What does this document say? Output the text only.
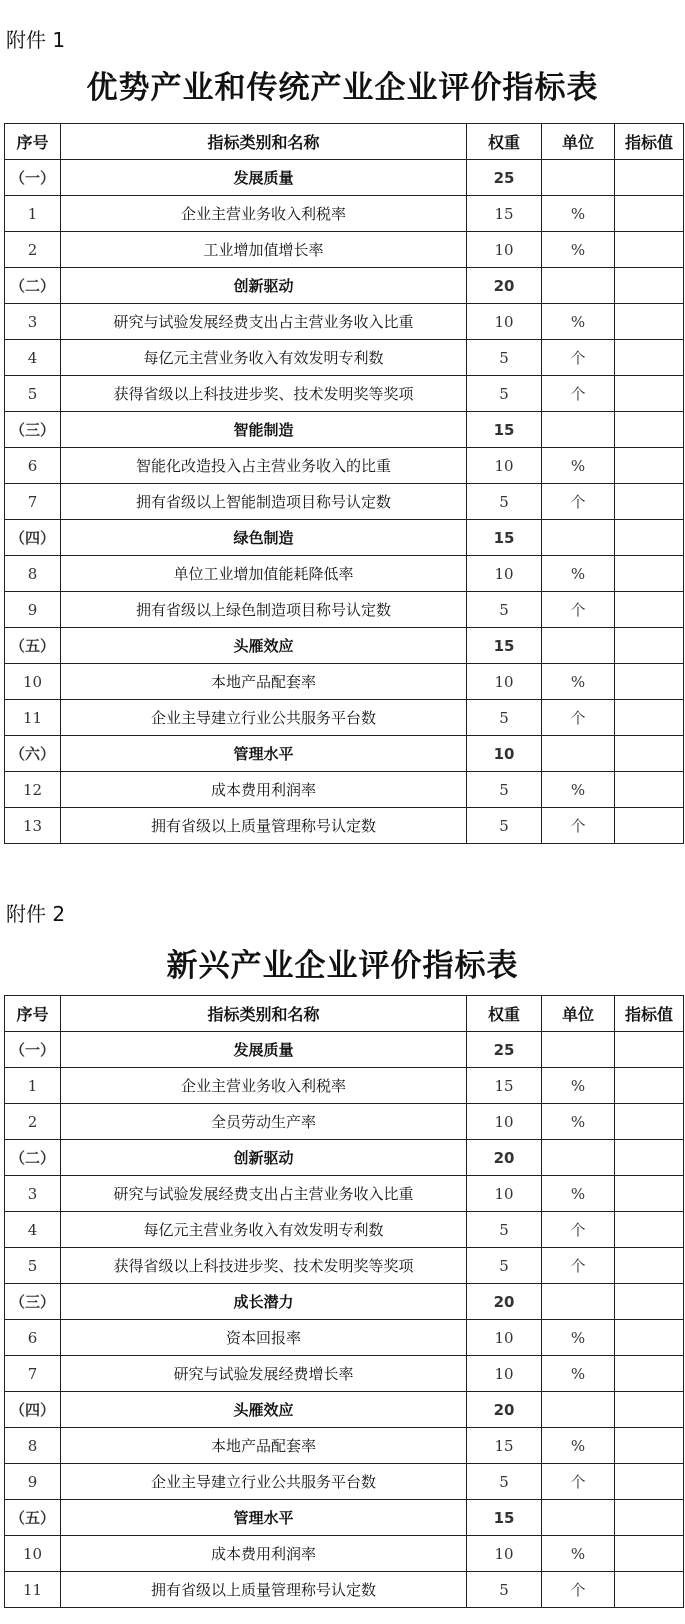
附件 1
优势产业和传统产业企业评价指标表
序号	指标类别和名称	权重	单位	指标值
（一）	发展质量	25		
1	企业主营业务收入利税率	15	%	
2	工业增加值增长率	10	%	
（二）	创新驱动	20		
3	研究与试验发展经费支出占主营业务收入比重	10	%	
4	每亿元主营业务收入有效发明专利数	5	个	
5	获得省级以上科技进步奖、技术发明奖等奖项	5	个	
（三）	智能制造	15		
6	智能化改造投入占主营业务收入的比重	10	%	
7	拥有省级以上智能制造项目称号认定数	5	个	
（四）	绿色制造	15		
8	单位工业增加值能耗降低率	10	%	
9	拥有省级以上绿色制造项目称号认定数	5	个	
（五）	头雁效应	15		
10	本地产品配套率	10	%	
11	企业主导建立行业公共服务平台数	5	个	
（六）	管理水平	10		
12	成本费用利润率	5	%	
13	拥有省级以上质量管理称号认定数	5	个	
附件 2
新兴产业企业评价指标表
序号	指标类别和名称	权重	单位	指标值
（一）	发展质量	25		
1	企业主营业务收入利税率	15	%	
2	全员劳动生产率	10	%	
（二）	创新驱动	20		
3	研究与试验发展经费支出占主营业务收入比重	10	%	
4	每亿元主营业务收入有效发明专利数	5	个	
5	获得省级以上科技进步奖、技术发明奖等奖项	5	个	
（三）	成长潜力	20		
6	资本回报率	10	%	
7	研究与试验发展经费增长率	10	%	
（四）	头雁效应	20		
8	本地产品配套率	15	%	
9	企业主导建立行业公共服务平台数	5	个	
（五）	管理水平	15		
10	成本费用利润率	10	%	
11	拥有省级以上质量管理称号认定数	5	个	
